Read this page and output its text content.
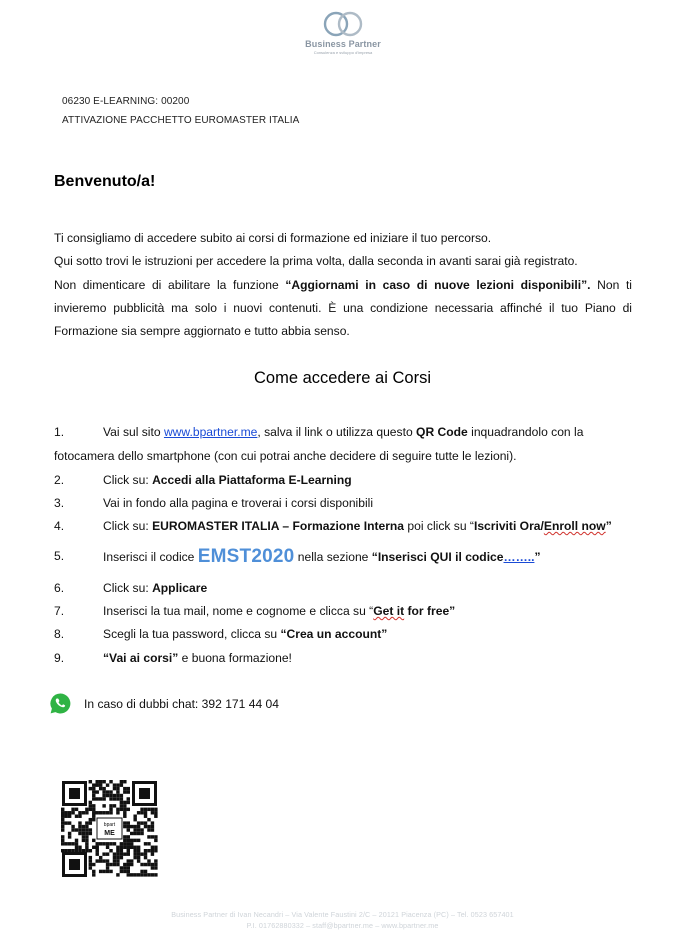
Business Partner
Consulenza e sviluppo d'impresa
06230 E-LEARNING: 00200
ATTIVAZIONE PACCHETTO EUROMASTER ITALIA
Benvenuto/a!

Ti consigliamo di accedere subito ai corsi di formazione ed iniziare il tuo percorso.

Qui sotto trovi le istruzioni per accedere la prima volta, dalla seconda in avanti sarai già registrato.

Non dimenticare di abilitare la funzione “Aggiornami in caso di nuove lezioni disponibili”. Non ti invieremo pubblicità ma solo i nuovi contenuti. È una condizione necessaria affinché il tuo Piano di Formazione sia sempre aggiornato e tutto abbia senso.

Come accedere ai Corsi
1.	Vai sul sito www.bpartner.me, salva il link o utilizza questo QR Code inquadrandolo con la fotocamera dello smartphone (con cui potrai anche decidere di seguire tutte le lezioni).
2.	Click su: Accedi alla Piattaforma E-Learning
3.	Vai in fondo alla pagina e troverai i corsi disponibili
4.	Click su: EUROMASTER ITALIA – Formazione Interna poi click su “Iscriviti Ora/Enroll now”
5.	Inserisci il codice EMST2020 nella sezione “Inserisci QUI il codice……..”
6.	Click su: Applicare
7.	Inserisci la tua mail, nome e cognome e clicca su “Get it for free”
8.	Scegli la tua password, clicca su “Crea un account”
9.	“Vai ai corsi” e buona formazione!
In caso di dubbi chat: 392 171 44 04
bpart
ME
Business Partner di Ivan Necandri – Via Valente Faustini 2/C – 20121 Piacenza (PC) – Tel. 0523 657401
P.I. 01762880332 – staff@bpartner.me – www.bpartner.me
